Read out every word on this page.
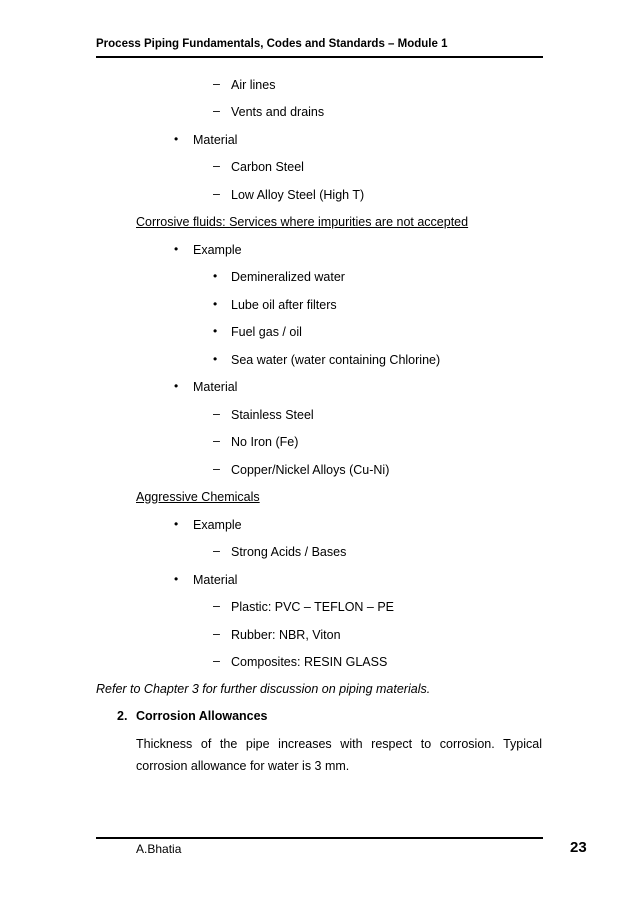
Process Piping Fundamentals, Codes and Standards – Module 1
– Air lines
– Vents and drains
• Material
– Carbon Steel
– Low Alloy Steel (High T)
Corrosive fluids: Services where impurities are not accepted
• Example
• Demineralized water
• Lube oil after filters
• Fuel gas / oil
• Sea water (water containing Chlorine)
• Material
– Stainless Steel
– No Iron (Fe)
– Copper/Nickel Alloys (Cu-Ni)
Aggressive Chemicals
• Example
– Strong Acids / Bases
• Material
– Plastic: PVC – TEFLON – PE
– Rubber: NBR, Viton
– Composites: RESIN GLASS
Refer to Chapter 3 for further discussion on piping materials.
2. Corrosion Allowances
Thickness of the pipe increases with respect to corrosion. Typical corrosion allowance for water is 3 mm.
A.Bhatia	23
